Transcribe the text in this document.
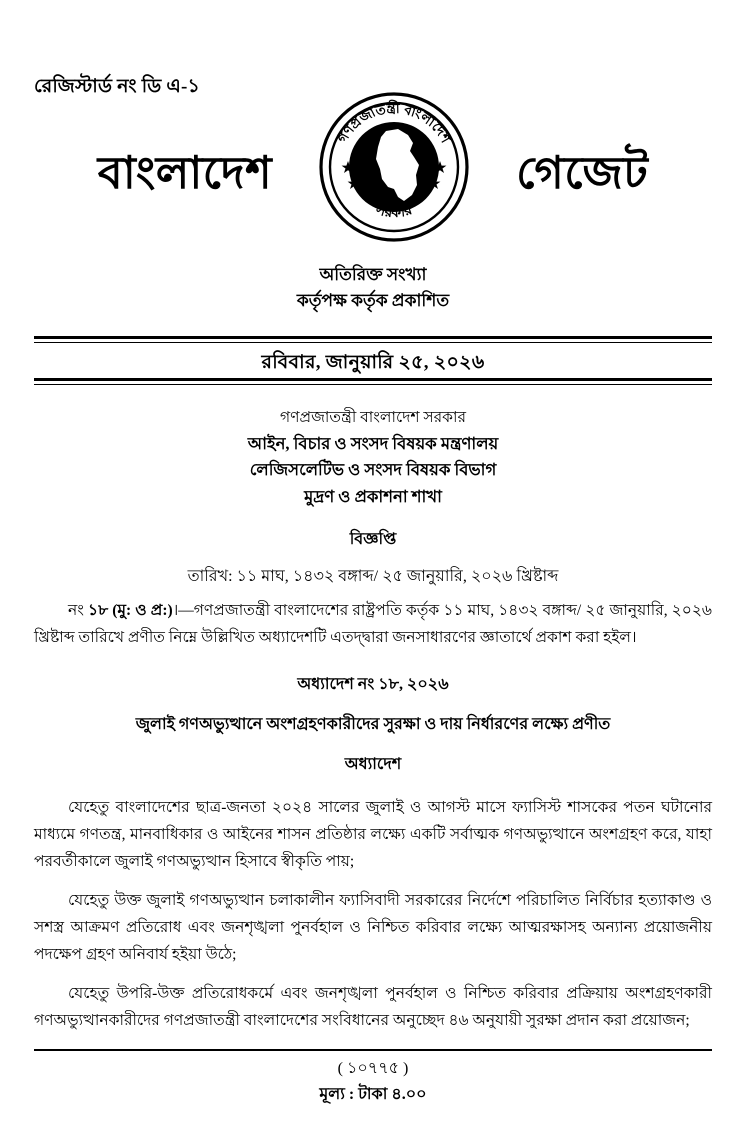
রেজিস্টার্ড নং ডি এ-১
বাংলাদেশ
গণপ্রজাতন্ত্রী বাংলাদেশ
সরকার
গেজেট
অতিরিক্ত সংখ্যা
কর্তৃপক্ষ কর্তৃক প্রকাশিত
রবিবার, জানুয়ারি ২৫, ২০২৬
গণপ্রজাতন্ত্রী বাংলাদেশ সরকার
আইন, বিচার ও সংসদ বিষয়ক মন্ত্রণালয়
লেজিসলেটিভ ও সংসদ বিষয়ক বিভাগ
মুদ্রণ ও প্রকাশনা শাখা
বিজ্ঞপ্তি
তারিখ: ১১ মাঘ, ১৪৩২ বঙ্গাব্দ/ ২৫ জানুয়ারি, ২০২৬ খ্রিষ্টাব্দ

নং ১৮ (মু: ও প্র:)।—গণপ্রজাতন্ত্রী বাংলাদেশের রাষ্ট্রপতি কর্তৃক ১১ মাঘ, ১৪৩২ বঙ্গাব্দ/ ২৫ জানুয়ারি, ২০২৬ খ্রিষ্টাব্দ তারিখে প্রণীত নিম্নে উল্লিখিত অধ্যাদেশটি এতদ্দ্বারা জনসাধারণের জ্ঞাতার্থে প্রকাশ করা হইল।

অধ্যাদেশ নং ১৮, ২০২৬
জুলাই গণঅভ্যুত্থানে অংশগ্রহণকারীদের সুরক্ষা ও দায় নির্ধারণের লক্ষ্যে প্রণীত
অধ্যাদেশ

যেহেতু বাংলাদেশের ছাত্র-জনতা ২০২৪ সালের জুলাই ও আগস্ট মাসে ফ্যাসিস্ট শাসকের পতন ঘটানোর মাধ্যমে গণতন্ত্র, মানবাধিকার ও আইনের শাসন প্রতিষ্ঠার লক্ষ্যে একটি সর্বাত্মক গণঅভ্যুত্থানে অংশগ্রহণ করে, যাহা পরবর্তীকালে জুলাই গণঅভ্যুত্থান হিসাবে স্বীকৃতি পায়;

যেহেতু উক্ত জুলাই গণঅভ্যুত্থান চলাকালীন ফ্যাসিবাদী সরকারের নির্দেশে পরিচালিত নির্বিচার হত্যাকাণ্ড ও সশস্ত্র আক্রমণ প্রতিরোধ এবং জনশৃঙ্খলা পুনর্বহাল ও নিশ্চিত করিবার লক্ষ্যে আত্মরক্ষাসহ অন্যান্য প্রয়োজনীয় পদক্ষেপ গ্রহণ অনিবার্য হইয়া উঠে;

যেহেতু উপরি-উক্ত প্রতিরোধকর্মে এবং জনশৃঙ্খলা পুনর্বহাল ও নিশ্চিত করিবার প্রক্রিয়ায় অংশগ্রহণকারী গণঅভ্যুত্থানকারীদের গণপ্রজাতন্ত্রী বাংলাদেশের সংবিধানের অনুচ্ছেদ ৪৬ অনুযায়ী সুরক্ষা প্রদান করা প্রয়োজন;

( ১০৭৭৫ )
মূল্য : টাকা ৪.০০
